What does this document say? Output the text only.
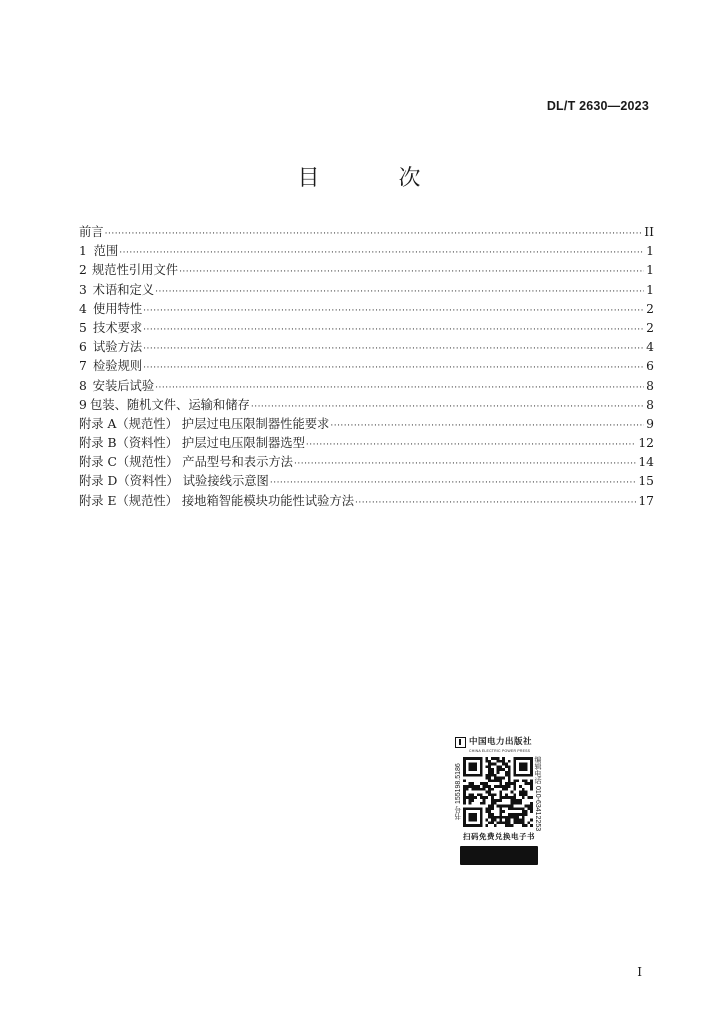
DL/T 2630—2023
目 次
前言 ·····	II
1 范围 ·····	1
2 规范性引用文件 ·····	1
3 术语和定义 ·····	1
4 使用特性 ·····	2
5 技术要求 ·····	2
6 试验方法 ·····	4
7 检验规则 ·····	6
8 安装后试验 ·····	8
9 包装、随机文件、运输和储存 ·····	8
附录 A（规范性） 护层过电压限制器性能要求 ·····	9
附录 B（资料性） 护层过电压限制器选型 ·····	12
附录 C（规范性） 产品型号和表示方法 ·····	14
附录 D（资料性） 试验接线示意图 ·····	15
附录 E（规范性） 接地箱智能模块功能性试验方法 ·····	17
中国电力出版社
CHINA ELECTRIC POWER PRESS
书号 155198.5186	编辑电话 010-63412253
扫码免费兑换电子书
I
